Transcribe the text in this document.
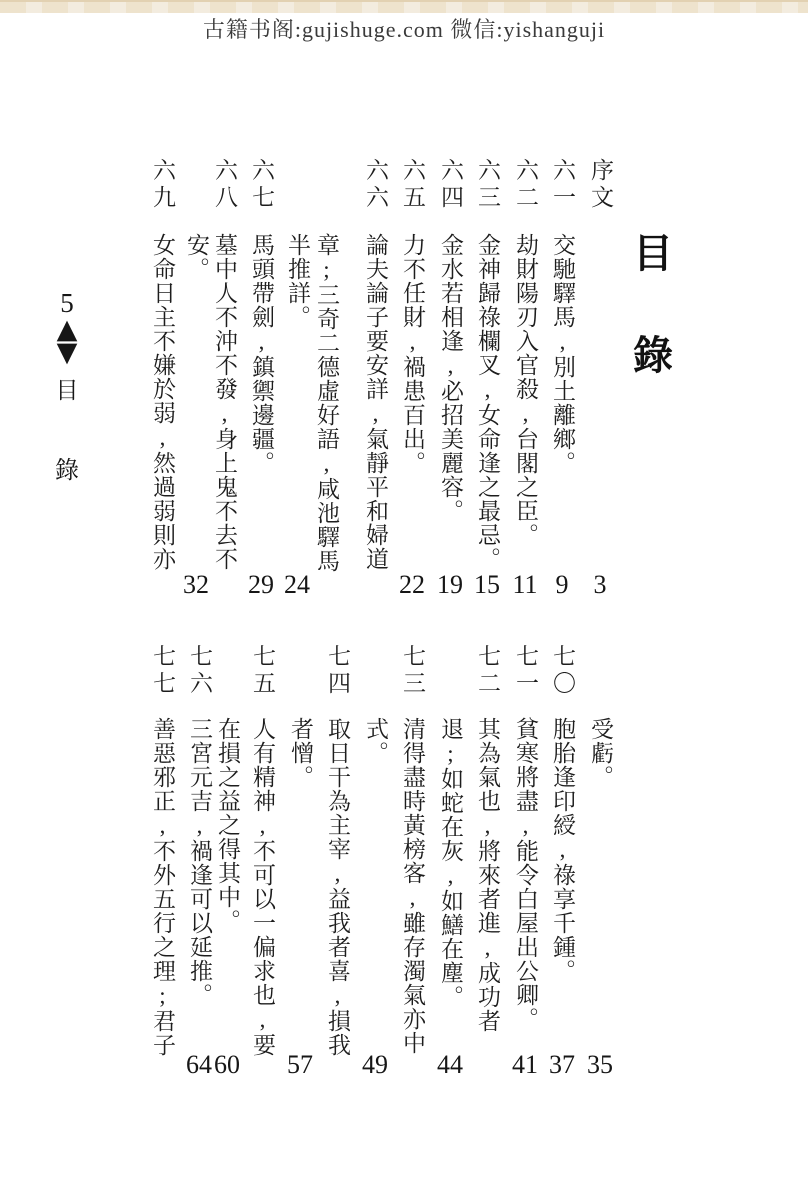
古籍书阁:gujishuge.com 微信:yishanguji
5
▲
▼
目
錄
目
錄
序文
3
六一
交馳驛馬,別土離鄉。
9
六二
劫財陽刃入官殺,台閣之臣。
11
六三
金神歸祿欄叉,女命逢之最忌。
15
六四
金水若相逢,必招美麗容。
19
六五
力不任財,禍患百出。
22
六六
論夫論子要安詳,氣靜平和婦道
章;三奇二德虛好語,咸池驛馬
半推詳。
24
六七
馬頭帶劍,鎮禦邊疆。
29
六八
墓中人不沖不發,身上鬼不去不
安。
32
六九
女命日主不嫌於弱,然過弱則亦
受虧。
35
七〇
胞胎逢印綬,祿享千鍾。
37
七一
貧寒將盡,能令白屋出公卿。
41
七二
其為氣也,將來者進,成功者
退;如蛇在灰,如鱔在塵。
44
七三
清得盡時黃榜客,雖存濁氣亦中
式。
49
七四
取日干為主宰,益我者喜,損我
者憎。
57
七五
人有精神,不可以一偏求也,要
在損之益之得其中。
60
七六
三宮元吉,禍逢可以延推。
64
七七
善惡邪正,不外五行之理;君子
